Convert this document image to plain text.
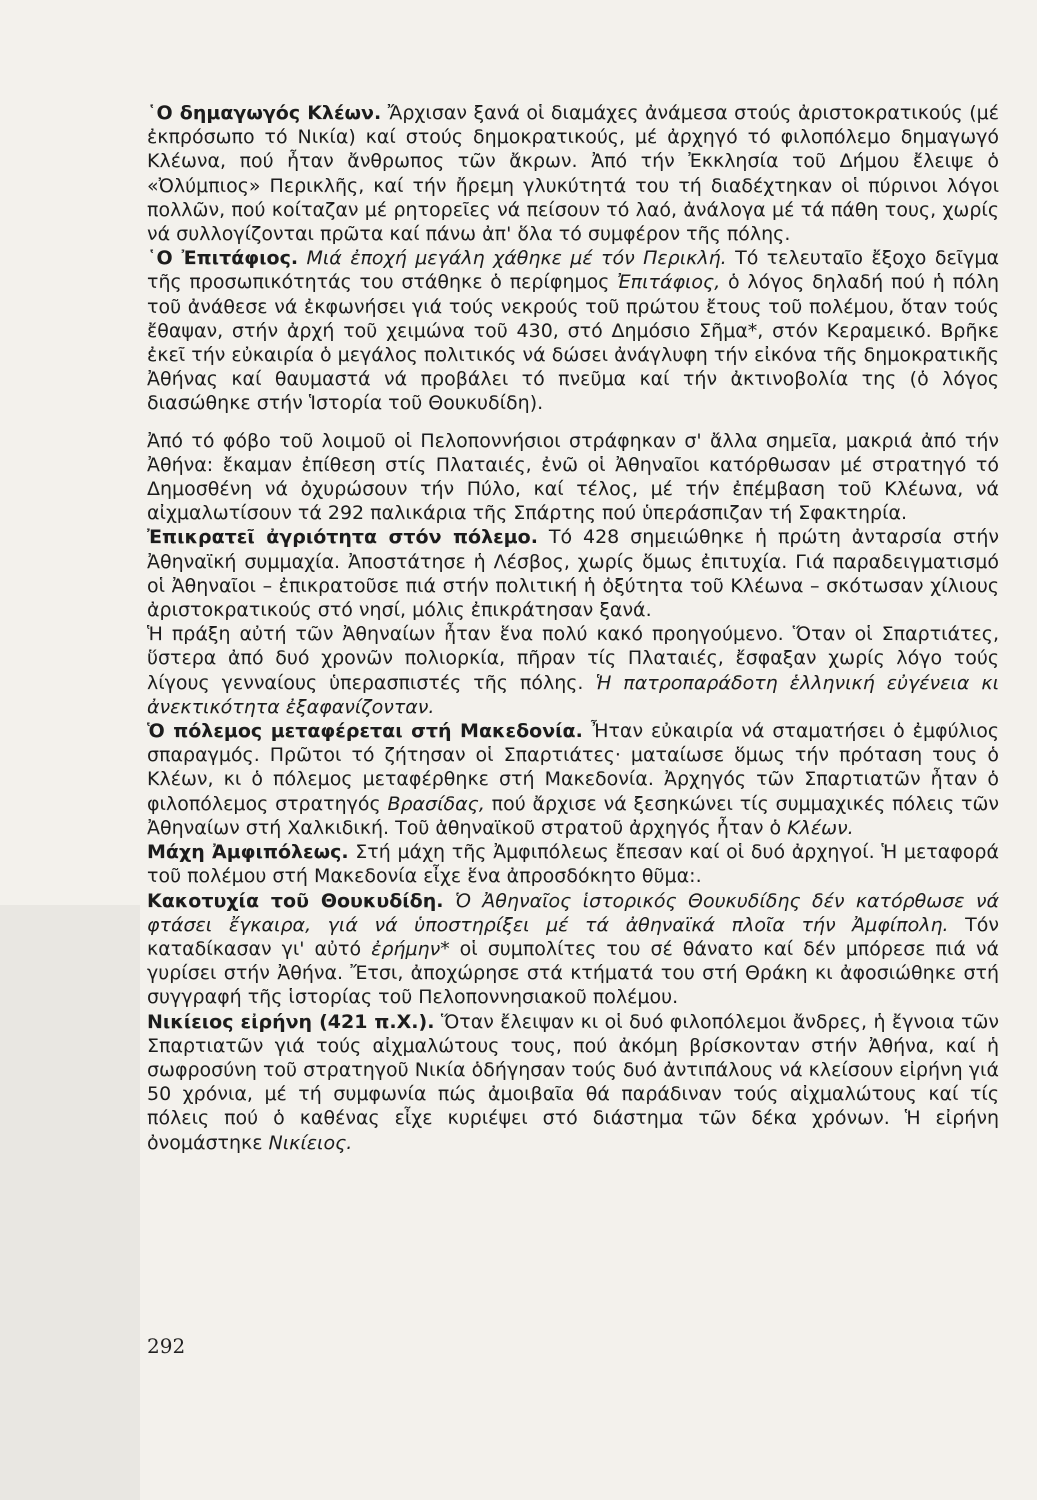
῾Ο δημαγωγός Κλέων. Ἄρχισαν ξανά οἱ διαμάχες ἀνάμεσα στούς ἀριστοκρατικούς (μέ ἐκπρόσωπο τό Νικία) καί στούς δημοκρατικούς, μέ ἀρχηγό τό φιλοπόλεμο δημαγωγό Κλέωνα, πού ἦταν ἄνθρωπος τῶν ἄκρων. Ἀπό τήν Ἐκκλησία τοῦ Δήμου ἔλειψε ὁ «Ὀλύμπιος» Περικλῆς, καί τήν ἤρεμη γλυκύτητά του τή διαδέχτηκαν οἱ πύρινοι λόγοι πολλῶν, πού κοίταζαν μέ ρητορεῖες νά πείσουν τό λαό, ἀνάλογα μέ τά πάθη τους, χωρίς νά συλλογίζονται πρῶτα καί πάνω ἀπ' ὅλα τό συμφέρον τῆς πόλης.

῾Ο Ἐπιτάφιος. Μιά ἐποχή μεγάλη χάθηκε μέ τόν Περικλή. Τό τελευταῖο ἔξοχο δεῖγμα τῆς προσωπικότητάς του στάθηκε ὁ περίφημος Ἐπιτάφιος, ὁ λόγος δηλαδή πού ἡ πόλη τοῦ ἀνάθεσε νά ἐκφωνήσει γιά τούς νεκρούς τοῦ πρώτου ἔτους τοῦ πολέμου, ὅταν τούς ἔθαψαν, στήν ἀρχή τοῦ χειμώνα τοῦ 430, στό Δημόσιο Σῆμα*, στόν Κεραμεικό. Βρῆκε ἐκεῖ τήν εὐκαιρία ὁ μεγάλος πολιτικός νά δώσει ἀνάγλυφη τήν εἰκόνα τῆς δημοκρατικῆς Ἀθήνας καί θαυμαστά νά προβάλει τό πνεῦμα καί τήν ἀκτινοβολία της (ὁ λόγος διασώθηκε στήν Ἱστορία τοῦ Θουκυδίδη).

Ἀπό τό φόβο τοῦ λοιμοῦ οἱ Πελοποννήσιοι στράφηκαν σ' ἄλλα σημεῖα, μακριά ἀπό τήν Ἀθήνα: ἔκαμαν ἐπίθεση στίς Πλαταιές, ἐνῶ οἱ Ἀθηναῖοι κατόρθωσαν μέ στρατηγό τό Δημοσθένη νά ὀχυρώσουν τήν Πύλο, καί τέλος, μέ τήν ἐπέμβαση τοῦ Κλέωνα, νά αἰχμαλωτίσουν τά 292 παλικάρια τῆς Σπάρτης πού ὑπεράσπιζαν τή Σφακτηρία.

Ἐπικρατεῖ ἀγριότητα στόν πόλεμο. Τό 428 σημειώθηκε ἡ πρώτη ἀνταρσία στήν Ἀθηναϊκή συμμαχία. Ἀποστάτησε ἡ Λέσβος, χωρίς ὅμως ἐπιτυχία. Γιά παραδειγματισμό οἱ Ἀθηναῖοι – ἐπικρατοῦσε πιά στήν πολιτική ἡ ὀξύτητα τοῦ Κλέωνα – σκότωσαν χίλιους ἀριστοκρατικούς στό νησί, μόλις ἐπικράτησαν ξανά.

Ἡ πράξη αὐτή τῶν Ἀθηναίων ἦταν ἕνα πολύ κακό προηγούμενο. Ὅταν οἱ Σπαρτιάτες, ὕστερα ἀπό δυό χρονῶν πολιορκία, πῆραν τίς Πλαταιές, ἔσφαξαν χωρίς λόγο τούς λίγους γενναίους ὑπερασπιστές τῆς πόλης. Ἡ πατροπαράδοτη ἑλληνική εὐγένεια κι ἀνεκτικότητα ἐξαφανίζονταν.

Ὁ πόλεμος μεταφέρεται στή Μακεδονία. Ἦταν εὐκαιρία νά σταματήσει ὁ ἐμφύλιος σπαραγμός. Πρῶτοι τό ζήτησαν οἱ Σπαρτιάτες· ματαίωσε ὅμως τήν πρόταση τους ὁ Κλέων, κι ὁ πόλεμος μεταφέρθηκε στή Μακεδονία. Ἀρχηγός τῶν Σπαρτιατῶν ἦταν ὁ φιλοπόλεμος στρατηγός Βρασίδας, πού ἄρχισε νά ξεσηκώνει τίς συμμαχικές πόλεις τῶν Ἀθηναίων στή Χαλκιδική. Τοῦ ἀθηναϊκοῦ στρατοῦ ἀρχηγός ἦταν ὁ Κλέων.

Μάχη Ἀμφιπόλεως. Στή μάχη τῆς Ἀμφιπόλεως ἔπεσαν καί οἱ δυό ἀρχηγοί. Ἡ μεταφορά τοῦ πολέμου στή Μακεδονία εἶχε ἕνα ἀπροσδόκητο θῦμα:.

Κακοτυχία τοῦ Θουκυδίδη. Ὁ Ἀθηναῖος ἱστορικός Θουκυδίδης δέν κατόρθωσε νά φτάσει ἔγκαιρα, γιά νά ὑποστηρίξει μέ τά ἀθηναϊκά πλοῖα τήν Ἀμφίπολη. Τόν καταδίκασαν γι' αὐτό ἐρήμην* οἱ συμπολίτες του σέ θάνατο καί δέν μπόρεσε πιά νά γυρίσει στήν Ἀθήνα. Ἔτσι, ἀποχώρησε στά κτήματά του στή Θράκη κι ἀφοσιώθηκε στή συγγραφή τῆς ἱστορίας τοῦ Πελοποννησιακοῦ πολέμου.

Νικίειος εἰρήνη (421 π.Χ.). Ὅταν ἔλειψαν κι οἱ δυό φιλοπόλεμοι ἄνδρες, ἡ ἔγνοια τῶν Σπαρτιατῶν γιά τούς αἰχμαλώτους τους, πού ἀκόμη βρίσκονταν στήν Ἀθήνα, καί ἡ σωφροσύνη τοῦ στρατηγοῦ Νικία ὁδήγησαν τούς δυό ἀντιπάλους νά κλείσουν εἰρήνη γιά 50 χρόνια, μέ τή συμφωνία πώς ἀμοιβαῖα θά παράδιναν τούς αἰχμαλώτους καί τίς πόλεις πού ὁ καθένας εἶχε κυριέψει στό διάστημα τῶν δέκα χρόνων. Ἡ εἰρήνη ὀνομάστηκε Νικίειος.

292
